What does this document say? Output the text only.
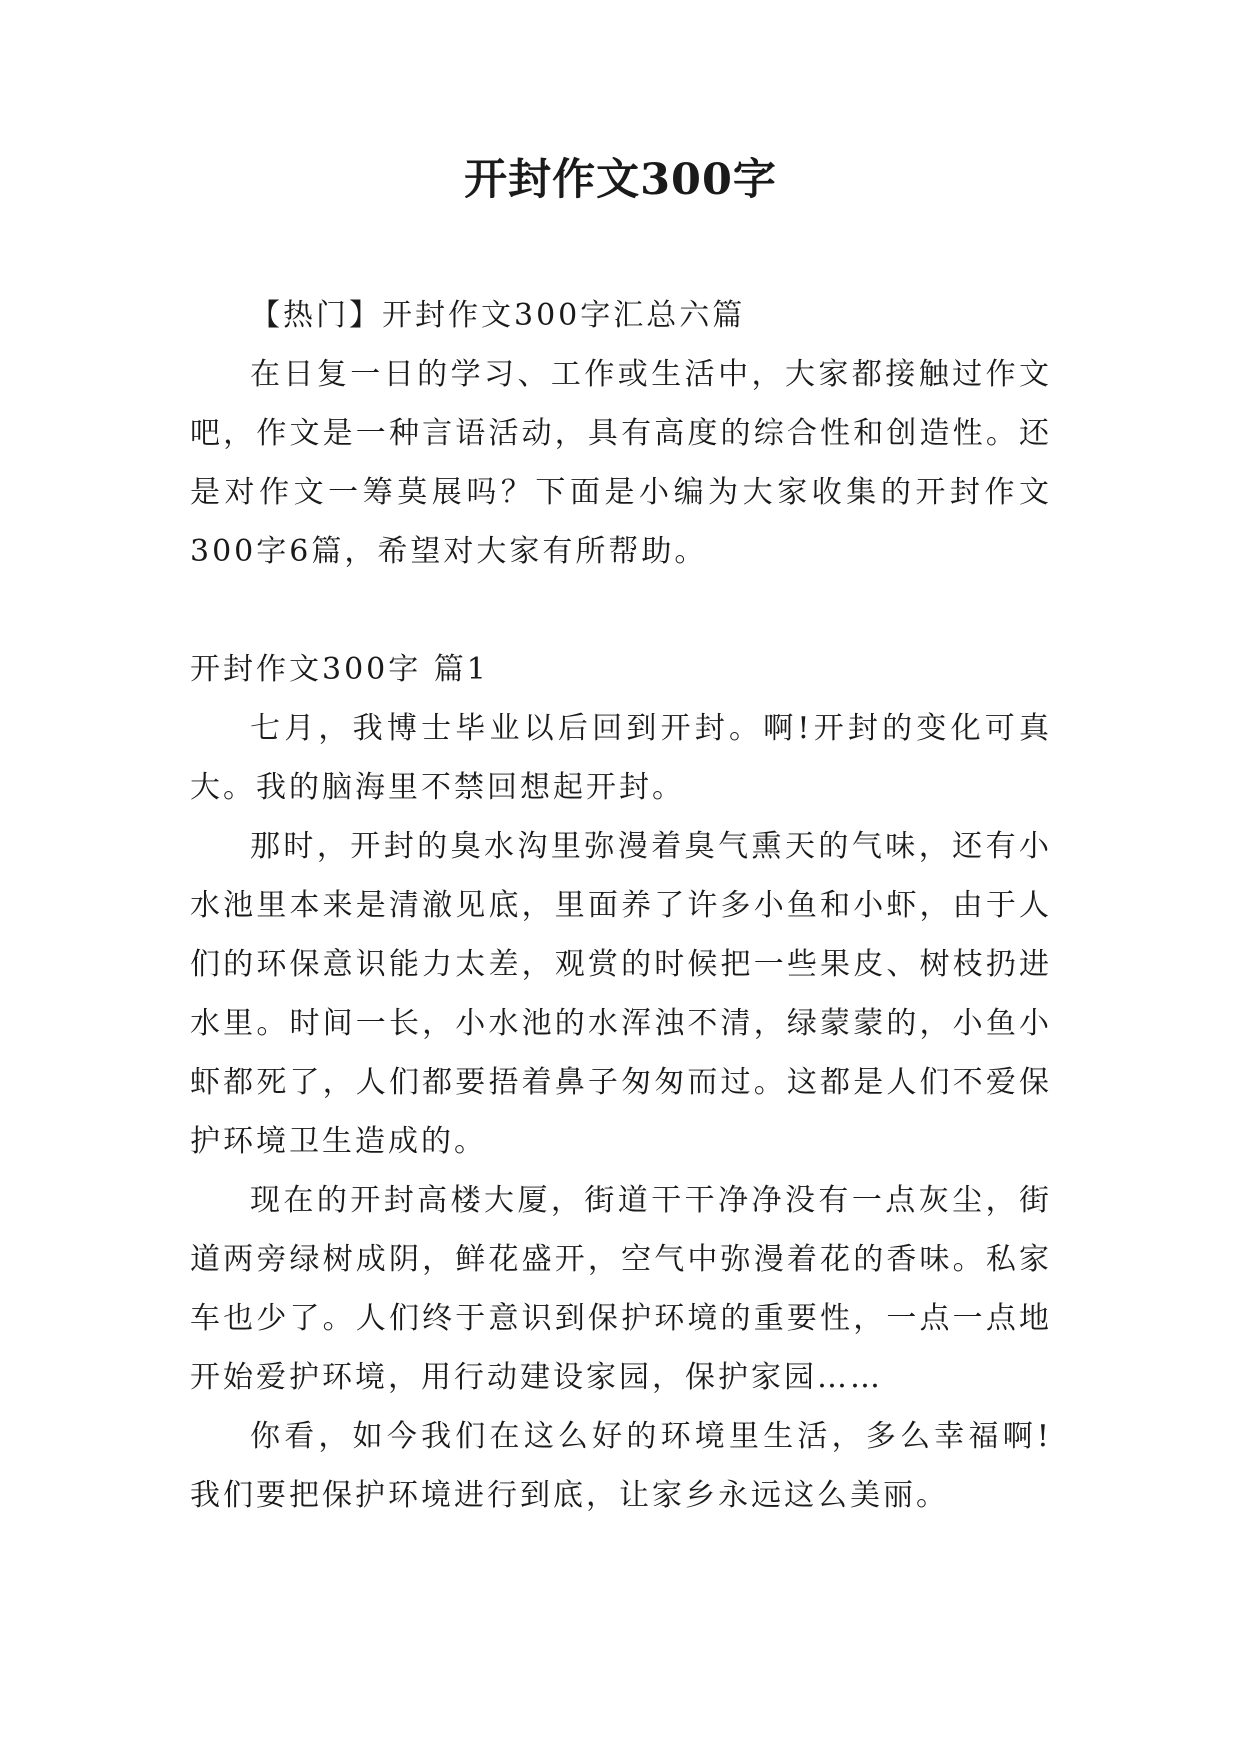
开封作文300字

【热门】开封作文300字汇总六篇

在日复一日的学习、工作或生活中，大家都接触过作文吧，作文是一种言语活动，具有高度的综合性和创造性。还是对作文一筹莫展吗？下面是小编为大家收集的开封作文300字6篇，希望对大家有所帮助。

开封作文300字 篇1

七月，我博士毕业以后回到开封。啊!开封的变化可真大。我的脑海里不禁回想起开封。

那时，开封的臭水沟里弥漫着臭气熏天的气味，还有小水池里本来是清澈见底，里面养了许多小鱼和小虾，由于人们的环保意识能力太差，观赏的时候把一些果皮、树枝扔进水里。时间一长，小水池的水浑浊不清，绿蒙蒙的，小鱼小虾都死了，人们都要捂着鼻子匆匆而过。这都是人们不爱保护环境卫生造成的。

现在的开封高楼大厦，街道干干净净没有一点灰尘，街道两旁绿树成阴，鲜花盛开，空气中弥漫着花的香味。私家车也少了。人们终于意识到保护环境的重要性，一点一点地开始爱护环境，用行动建设家园，保护家园……

你看，如今我们在这么好的环境里生活，多么幸福啊!我们要把保护环境进行到底，让家乡永远这么美丽。
